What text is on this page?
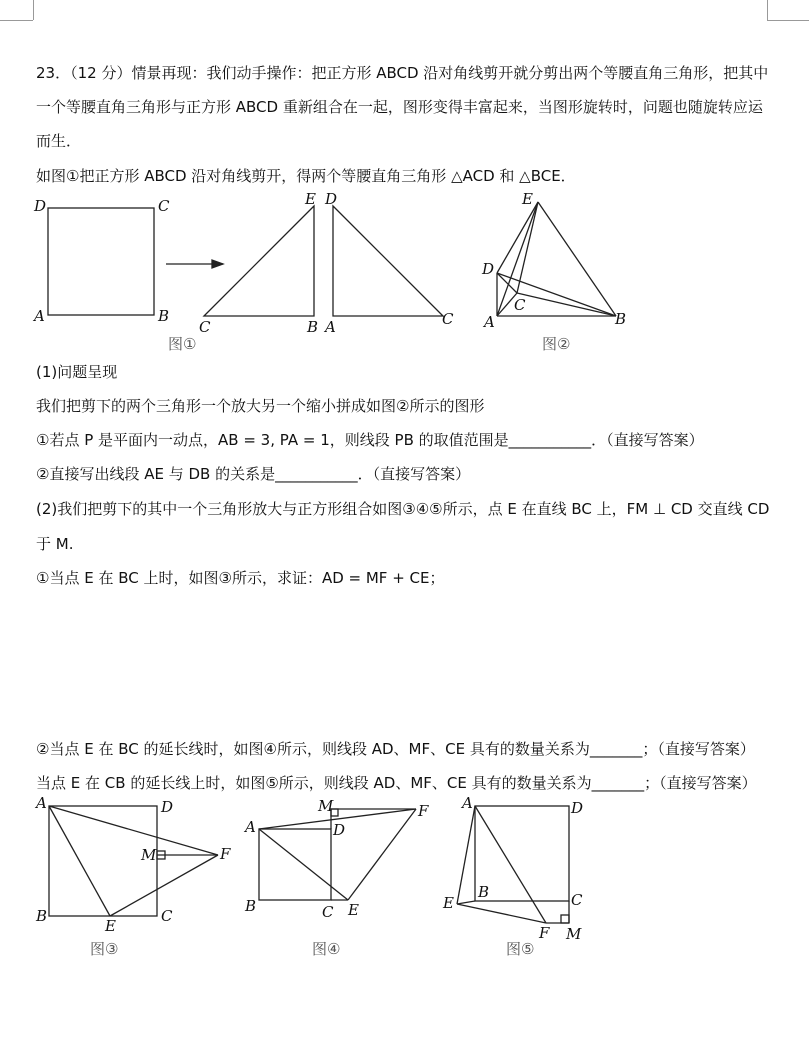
23．（12 分）情景再现：我们动手操作：把正方形 ABCD 沿对角线剪开就分剪出两个等腰直角三角形，把其中
一个等腰直角三角形与正方形 ABCD 重新组合在一起，图形变得丰富起来，当图形旋转时，问题也随旋转应运
而生．
如图①把正方形 ABCD 沿对角线剪开，得两个等腰直角三角形 △ACD 和 △BCE．
(1)问题呈现
我们把剪下的两个三角形一个放大另一个缩小拼成如图②所示的图形
①若点 P 是平面内一动点，AB = 3, PA = 1，则线段 PB 的取值范围是___________．（直接写答案）
②直接写出线段 AE 与 DB 的关系是___________．（直接写答案）
(2)我们把剪下的其中一个三角形放大与正方形组合如图③④⑤所示，点 E 在直线 BC 上，FM ⊥ CD 交直线 CD
于 M.
①当点 E 在 BC 上时，如图③所示，求证：AD = MF + CE；
②当点 E 在 BC 的延长线时，如图④所示，则线段 AD、MF、CE 具有的数量关系为_______；（直接写答案）
当点 E 在 CB 的延长线上时，如图⑤所示，则线段 AD、MF、CE 具有的数量关系为_______；（直接写答案）
D	C
A	B
E D
C	B A	C
图①
E
D
C
A	B
图②
A	D
M	F
B
E
C
图③
M	F
A	D
B	C E
图④
A	D
B	C
E
F M
图⑤
